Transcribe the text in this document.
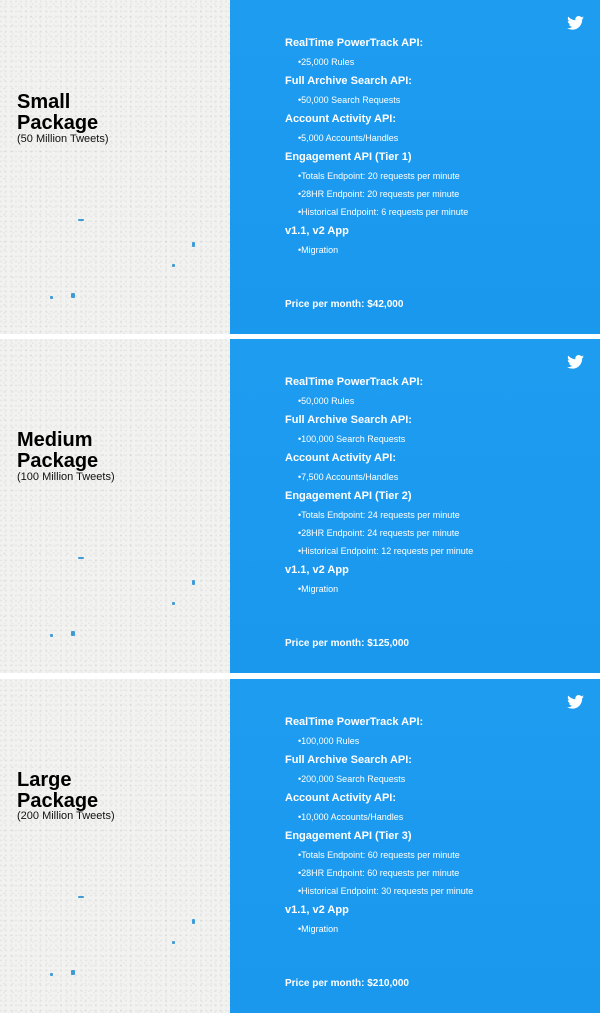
Small
Package

(50 Million Tweets)

RealTime PowerTrack API:
•25,000 Rules
Full Archive Search API:
•50,000 Search Requests
Account Activity API:
•5,000 Accounts/Handles
Engagement API (Tier 1)
•Totals Endpoint: 20 requests per minute
•28HR Endpoint: 20 requests per minute
•Historical Endpoint: 6 requests per minute
v1.1, v2 App
•Migration
Price per month: $42,000
Medium
Package

(100 Million Tweets)

RealTime PowerTrack API:
•50,000 Rules
Full Archive Search API:
•100,000 Search Requests
Account Activity API:
•7,500 Accounts/Handles
Engagement API (Tier 2)
•Totals Endpoint: 24 requests per minute
•28HR Endpoint: 24 requests per minute
•Historical Endpoint: 12 requests per minute
v1.1, v2 App
•Migration
Price per month: $125,000
Large
Package

(200 Million Tweets)

RealTime PowerTrack API:
•100,000 Rules
Full Archive Search API:
•200,000 Search Requests
Account Activity API:
•10,000 Accounts/Handles
Engagement API (Tier 3)
•Totals Endpoint: 60 requests per minute
•28HR Endpoint: 60 requests per minute
•Historical Endpoint: 30 requests per minute
v1.1, v2 App
•Migration
Price per month: $210,000
